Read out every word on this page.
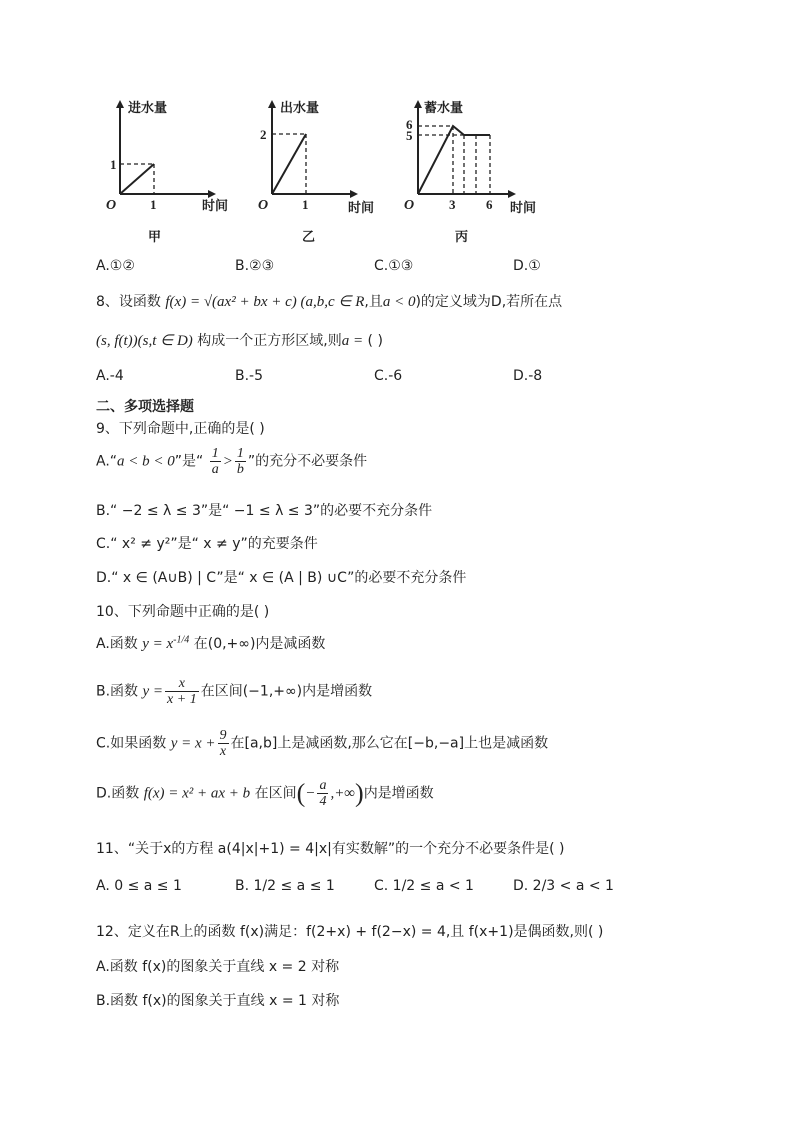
进水量
时间
O
1
1
甲
出水量
时间
O
2
1
乙
蓄水量
时间
O
6
5
3 6
丙
A.①②	B.②③	C.①③	D.①
8、设函数 f(x) = √(ax² + bx + c) (a,b,c ∈ R,且a < 0)的定义域为D,若所在点
(s, f(t))(s,t ∈ D) 构成一个正方形区域,则a = ( )
A.-4	B.-5	C.-6	D.-8
二、多项选择题
9、下列命题中,正确的是( )
A.“a < b < 0”是“ $\frac{1}{a} > \frac{1}{b}$ ”的充分不必要条件
B.“ −2 ≤ λ ≤ 3”是“ −1 ≤ λ ≤ 3”的必要不充分条件
C.“ x² ≠ y²”是“ x ≠ y”的充要条件
D.“ x ∈ (A∪B) | C”是“ x ∈ (A | B) ∪C”的必要不充分条件
10、下列命题中正确的是( )
A.函数 $y = x^{-1/4}$ 在(0,+∞)内是减函数
B.函数 $y = \frac{x}{x + 1}$ 在区间(−1,+∞)内是增函数
C.如果函数 $y = x + \frac{9}{x}$ 在[a,b]上是减函数,那么它在[−b,−a]上也是减函数
D.函数 f(x) = x² + ax + b 在区间(− $\frac{a}{4}$ ,+∞)内是增函数
11、“关于x的方程 a(4|x|+1) = 4|x|有实数解”的一个充分不必要条件是( )
A. 0 ≤ a ≤ 1	B. 1/2 ≤ a ≤ 1	C. 1/2 ≤ a < 1	D. 2/3 < a < 1
12、定义在R上的函数 f(x)满足：f(2+x) + f(2−x) = 4,且 f(x+1)是偶函数,则( )
A.函数 f(x)的图象关于直线 x = 2 对称
B.函数 f(x)的图象关于直线 x = 1 对称
